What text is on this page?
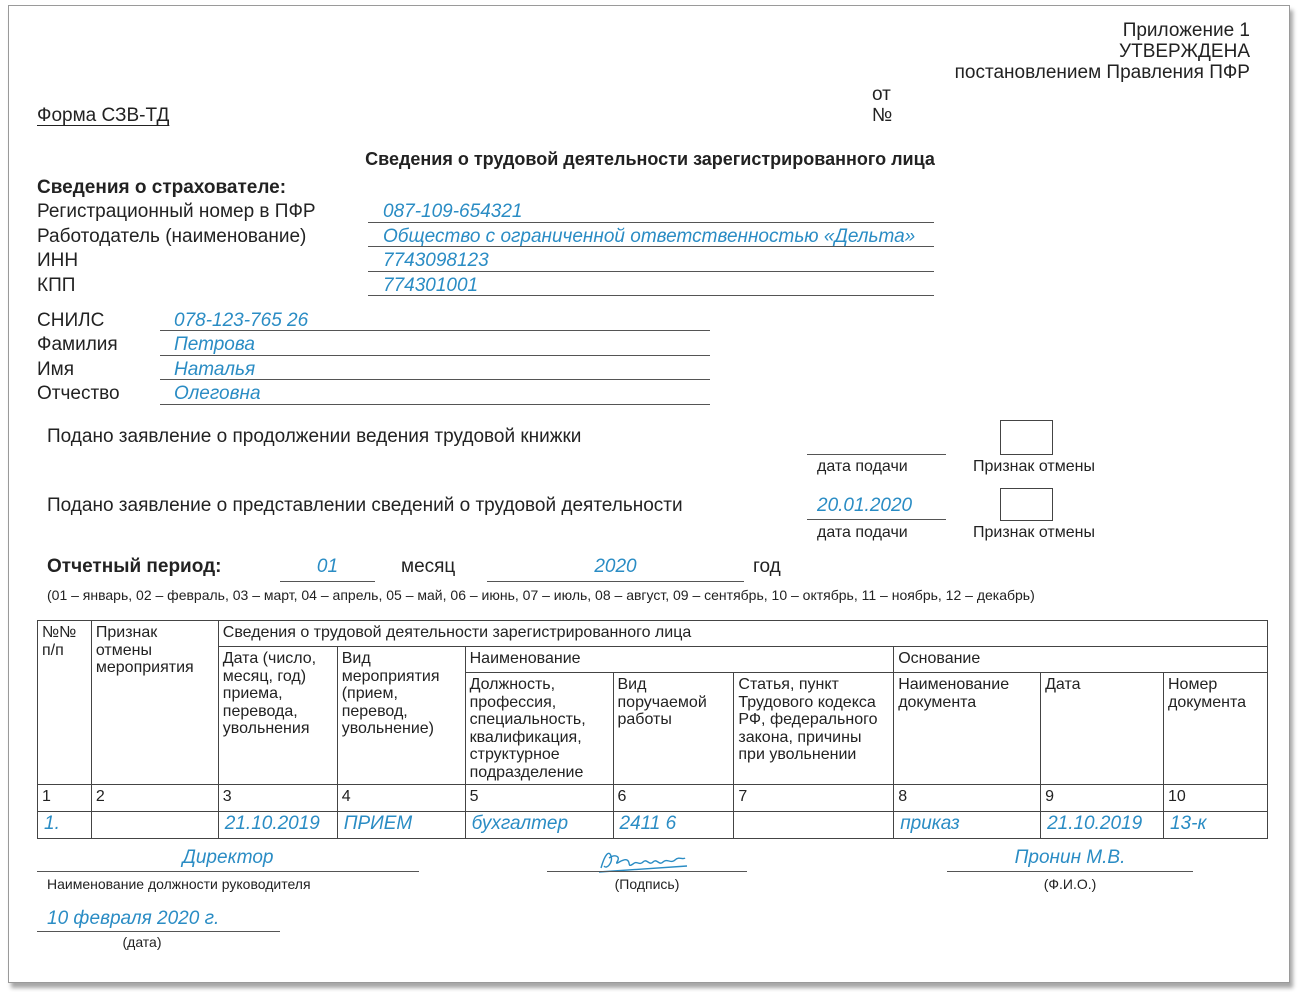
Приложение 1
УТВЕРЖДЕНА
постановлением Правления ПФР
от
№
Форма СЗВ-ТД
Сведения о трудовой деятельности зарегистрированного лица
Сведения о страхователе:
Регистрационный номер в ПФР	087-109-654321
Работодатель (наименование)	Общество с ограниченной ответственностью «Дельта»
ИНН	7743098123
КПП	774301001
СНИЛС	078-123-765 26
Фамилия	Петрова
Имя	Наталья
Отчество	Олеговна
Подано заявление о продолжении ведения трудовой книжки
дата подачи	Признак отмены
Подано заявление о представлении сведений о трудовой деятельности	20.01.2020
дата подачи	Признак отмены
Отчетный период:	01	месяц	2020	год
(01 – январь, 02 – февраль, 03 – март, 04 – апрель, 05 – май, 06 – июнь, 07 – июль, 08 – август, 09 – сентябрь, 10 – октябрь, 11 – ноябрь, 12 – декабрь)
№№ п/п	Признак отмены мероприятия	Сведения о трудовой деятельности зарегистрированного лица							
		Дата (число, месяц, год) приема, перевода, увольнения	Вид мероприятия (прием, перевод, увольнение)	Наименование			Основание		
				Должность, профессия, специальность, квалификация, структурное подразделение	Вид поручаемой работы	Статья, пункт Трудового кодекса РФ, федерального закона, причины при увольнении	Наименование документа	Дата	Номер документа
1	2	3	4	5	6	7	8	9	10
1.		21.10.2019	ПРИЕМ	бухгалтер	2411 6		приказ	21.10.2019	13-к
Директор
Наименование должности руководителя	(Подпись)
Пронин М.В.
(Ф.И.О.)
10 февраля 2020 г.
(дата)
